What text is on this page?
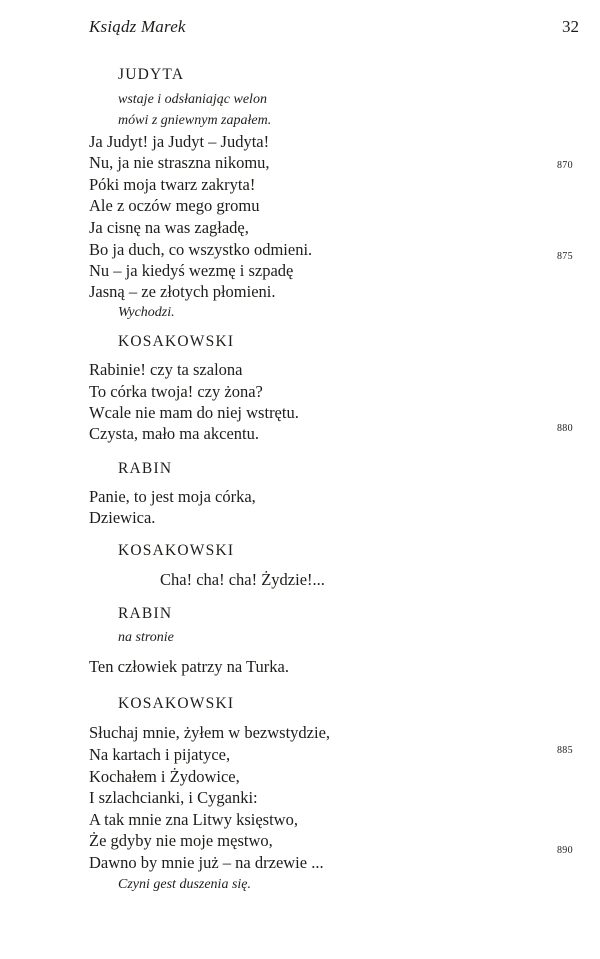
Ksiądz Marek	32
JUDYTA
wstaje i odsłaniając welon
mówi z gniewnym zapałem.
Ja Judyt! ja Judyt – Judyta!
Nu, ja nie straszna nikomu,	870
Póki moja twarz zakryta!
Ale z oczów mego gromu
Ja cisnę na was zagładę,
Bo ja duch, co wszystko odmieni.
Nu – ja kiedyś wezmę i szpadę
875
Jasną – ze złotych płomieni.
Wychodzi.
KOSAKOWSKI
Rabinie! czy ta szalona
To córka twoja! czy żona?
Wcale nie mam do niej wstrętu.
Czysta, mało ma akcentu.	880
RABIN
Panie, to jest moja córka,
Dziewica.
KOSAKOWSKI
Cha! cha! cha! Żydzie!...
RABIN
na stronie
Ten człowiek patrzy na Turka.
KOSAKOWSKI
Słuchaj mnie, żyłem w bezwstydzie,
Na kartach i pijatyce,	885
Kochałem i Żydowice,
I szlachcianki, i Cyganki:
A tak mnie zna Litwy księstwo,
Że gdyby nie moje męstwo,
Dawno by mnie już – na drzewie ...
890
Czyni gest duszenia się.
